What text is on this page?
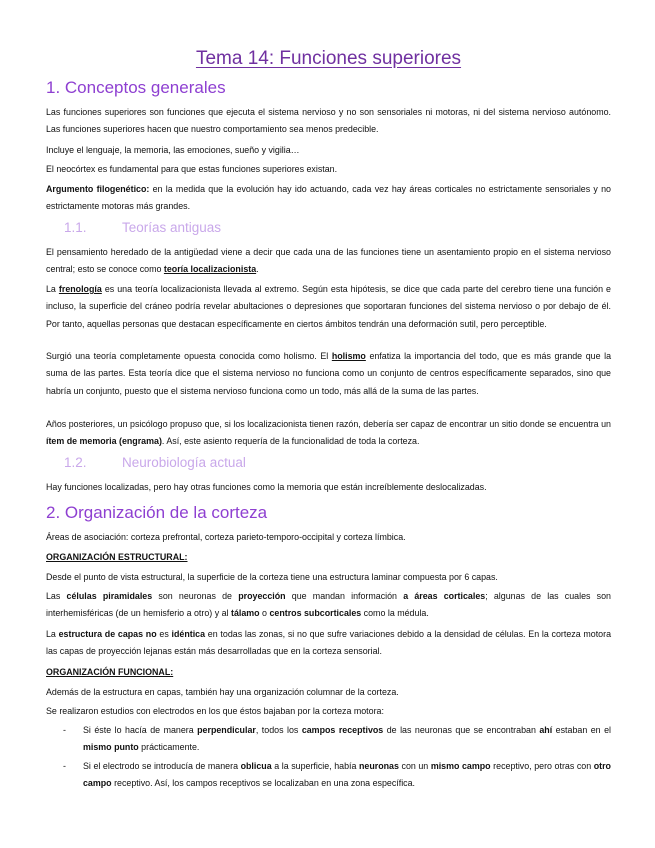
Tema 14: Funciones superiores
1. Conceptos generales

Las funciones superiores son funciones que ejecuta el sistema nervioso y no son sensoriales ni motoras, ni del sistema nervioso autónomo. Las funciones superiores hacen que nuestro comportamiento sea menos predecible.

Incluye el lenguaje, la memoria, las emociones, sueño y vigilia…

El neocórtex es fundamental para que estas funciones superiores existan.

Argumento filogenético: en la medida que la evolución hay ido actuando, cada vez hay áreas corticales no estrictamente sensoriales y no estrictamente motoras más grandes.

1.1.	Teorías antiguas

El pensamiento heredado de la antigüedad viene a decir que cada una de las funciones tiene un asentamiento propio en el sistema nervioso central; esto se conoce como teoría localizacionista.

La frenología es una teoría localizacionista llevada al extremo. Según esta hipótesis, se dice que cada parte del cerebro tiene una función e incluso, la superficie del cráneo podría revelar abultaciones o depresiones que soportaran funciones del sistema nervioso o por debajo de él. Por tanto, aquellas personas que destacan específicamente en ciertos ámbitos tendrán una deformación sutil, pero perceptible.

Surgió una teoría completamente opuesta conocida como holismo. El holismo enfatiza la importancia del todo, que es más grande que la suma de las partes. Esta teoría dice que el sistema nervioso no funciona como un conjunto de centros específicamente separados, sino que habría un conjunto, puesto que el sistema nervioso funciona como un todo, más allá de la suma de las partes.

Años posteriores, un psicólogo propuso que, si los localizacionista tienen razón, debería ser capaz de encontrar un sitio donde se encuentra un ítem de memoria (engrama). Así, este asiento requería de la funcionalidad de toda la corteza.

1.2.	Neurobiología actual

Hay funciones localizadas, pero hay otras funciones como la memoria que están increíblemente deslocalizadas.

2. Organización de la corteza

Áreas de asociación: corteza prefrontal, corteza parieto-temporo-occipital y corteza límbica.

ORGANIZACIÓN ESTRUCTURAL:

Desde el punto de vista estructural, la superficie de la corteza tiene una estructura laminar compuesta por 6 capas.

Las células piramidales son neuronas de proyección que mandan información a áreas corticales; algunas de las cuales son interhemisféricas (de un hemisferio a otro) y al tálamo o centros subcorticales como la médula.

La estructura de capas no es idéntica en todas las zonas, si no que sufre variaciones debido a la densidad de células. En la corteza motora las capas de proyección lejanas están más desarrolladas que en la corteza sensorial.

ORGANIZACIÓN FUNCIONAL:

Además de la estructura en capas, también hay una organización columnar de la corteza.

Se realizaron estudios con electrodos en los que éstos bajaban por la corteza motora:

- Si éste lo hacía de manera perpendicular, todos los campos receptivos de las neuronas que se encontraban ahí estaban en el mismo punto prácticamente.
- Si el electrodo se introducía de manera oblicua a la superficie, había neuronas con un mismo campo receptivo, pero otras con otro campo receptivo. Así, los campos receptivos se localizaban en una zona específica.
